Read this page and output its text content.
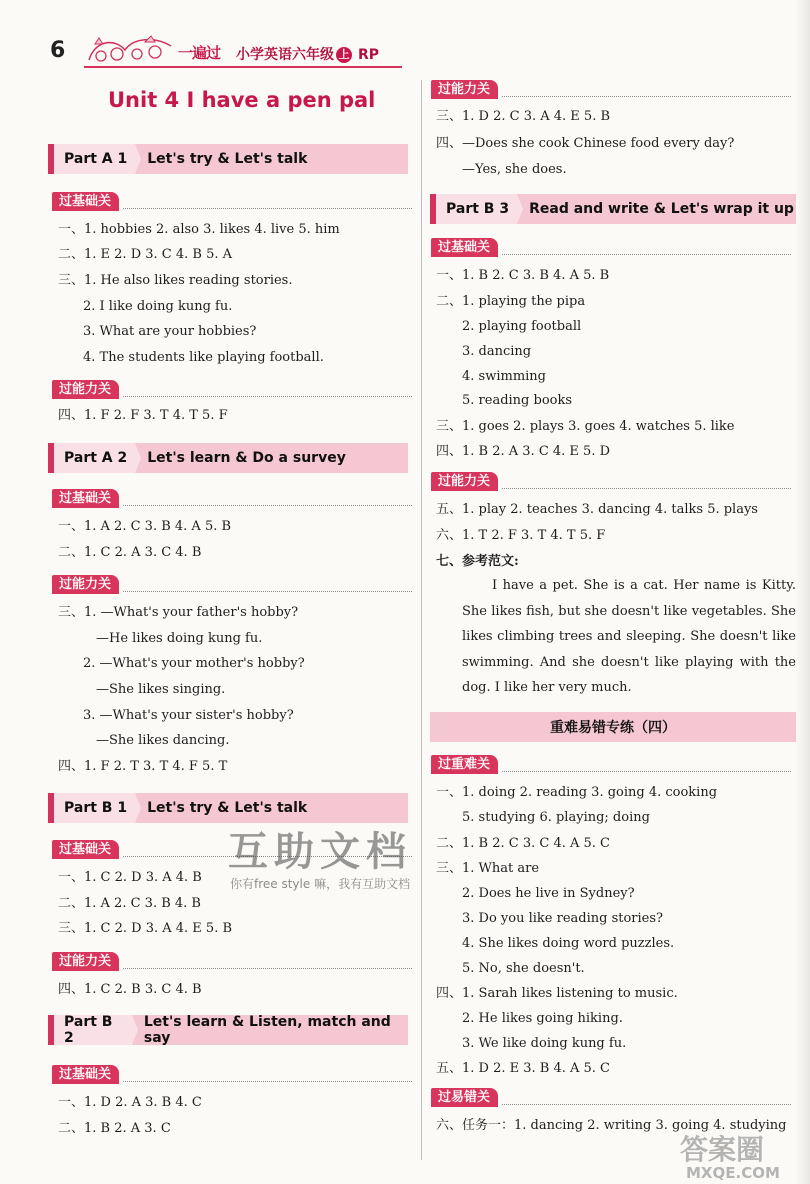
6	一遍过 小学英语六年级 上 RP
Unit 4 I have a pen pal
Part A 1	Let's try & Let's talk
过基础关
一、1. hobbies 2. also 3. likes 4. live 5. him
二、1. E 2. D 3. C 4. B 5. A
三、1. He also likes reading stories.
2. I like doing kung fu.
3. What are your hobbies?
4. The students like playing football.
过能力关
四、1. F 2. F 3. T 4. T 5. F
Part A 2	Let's learn & Do a survey
过基础关
一、1. A 2. C 3. B 4. A 5. B
二、1. C 2. A 3. C 4. B
过能力关
三、1. —What's your father's hobby?
—He likes doing kung fu.
2. —What's your mother's hobby?
—She likes singing.
3. —What's your sister's hobby?
—She likes dancing.
四、1. F 2. T 3. T 4. F 5. T
Part B 1	Let's try & Let's talk
过基础关
一、1. C 2. D 3. A 4. B
二、1. A 2. C 3. B 4. B
三、1. C 2. D 3. A 4. E 5. B
过能力关
四、1. C 2. B 3. C 4. B
Part B 2
Let's learn & Listen, match and say
过基础关
一、1. D 2. A 3. B 4. C
二、1. B 2. A 3. C
过能力关
三、1. D 2. C 3. A 4. E 5. B
四、—Does she cook Chinese food every day?
—Yes, she does.
Part B 3	Read and write & Let's wrap it up
过基础关
一、1. B 2. C 3. B 4. A 5. B
二、1. playing the pipa
2. playing football
3. dancing
4. swimming
5. reading books
三、1. goes 2. plays 3. goes 4. watches 5. like
四、1. B 2. A 3. C 4. E 5. D
过能力关
五、1. play 2. teaches 3. dancing 4. talks 5. plays
六、1. T 2. F 3. T 4. T 5. F
七、参考范文:
I have a pet. She is a cat. Her name is Kitty. She likes fish, but she doesn't like vegetables. She likes climbing trees and sleeping. She doesn't like swimming. And she doesn't like playing with the dog. I like her very much.
重难易错专练（四）
过重难关
一、1. doing 2. reading 3. going 4. cooking
5. studying 6. playing; doing
二、1. B 2. C 3. C 4. A 5. C
三、1. What are
2. Does he live in Sydney?
3. Do you like reading stories?
4. She likes doing word puzzles.
5. No, she doesn't.
四、1. Sarah likes listening to music.
2. He likes going hiking.
3. We like doing kung fu.
五、1. D 2. E 3. B 4. A 5. C
过易错关
六、任务一：1. dancing 2. writing 3. going 4. studying
互助文档
你有free style 嘛，我有互助文档
答案圈
MXQE.COM
